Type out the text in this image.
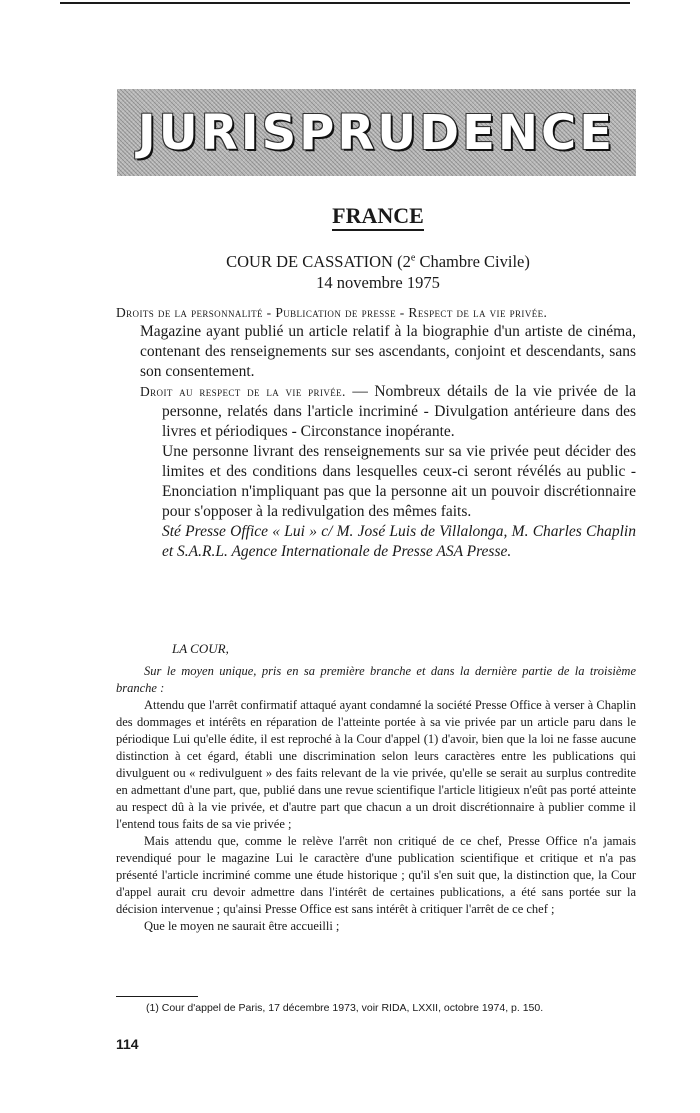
JURISPRUDENCE
FRANCE
COUR DE CASSATION (2e Chambre Civile)
14 novembre 1975
Droits de la personnalité - Publication de presse - Respect de la vie privée.
Magazine ayant publié un article relatif à la biographie d'un artiste de cinéma, contenant des renseignements sur ses ascendants, conjoint et descendants, sans son consentement.
Droit au respect de la vie privée. — Nombreux détails de la vie privée de la personne, relatés dans l'article incriminé - Divulgation antérieure dans des livres et périodiques - Circonstance inopérante.
Une personne livrant des renseignements sur sa vie privée peut décider des limites et des conditions dans lesquelles ceux-ci seront révélés au public - Enonciation n'impliquant pas que la personne ait un pouvoir discrétionnaire pour s'opposer à la redivulgation des mêmes faits.
Sté Presse Office « Lui » c/ M. José Luis de Villalonga, M. Charles Chaplin et S.A.R.L. Agence Internationale de Presse ASA Presse.

LA COUR,

Sur le moyen unique, pris en sa première branche et dans la dernière partie de la troisième branche :

Attendu que l'arrêt confirmatif attaqué ayant condamné la société Presse Office à verser à Chaplin des dommages et intérêts en réparation de l'atteinte portée à sa vie privée par un article paru dans le périodique Lui qu'elle édite, il est reproché à la Cour d'appel (1) d'avoir, bien que la loi ne fasse aucune distinction à cet égard, établi une discrimination selon leurs caractères entre les publications qui divulguent ou « redivulguent » des faits relevant de la vie privée, qu'elle se serait au surplus contredite en admettant d'une part, que, publié dans une revue scientifique l'article litigieux n'eût pas porté atteinte au respect dû à la vie privée, et d'autre part que chacun a un droit discrétionnaire à publier comme il l'entend tous faits de sa vie privée ;

Mais attendu que, comme le relève l'arrêt non critiqué de ce chef, Presse Office n'a jamais revendiqué pour le magazine Lui le caractère d'une publication scientifique et critique et n'a pas présenté l'article incriminé comme une étude historique ; qu'il s'en suit que, la distinction que, la Cour d'appel aurait cru devoir admettre dans l'intérêt de certaines publications, a été sans portée sur la décision intervenue ; qu'ainsi Presse Office est sans intérêt à critiquer l'arrêt de ce chef ;

Que le moyen ne saurait être accueilli ;

(1) Cour d'appel de Paris, 17 décembre 1973, voir RIDA, LXXII, octobre 1974, p. 150.
114
